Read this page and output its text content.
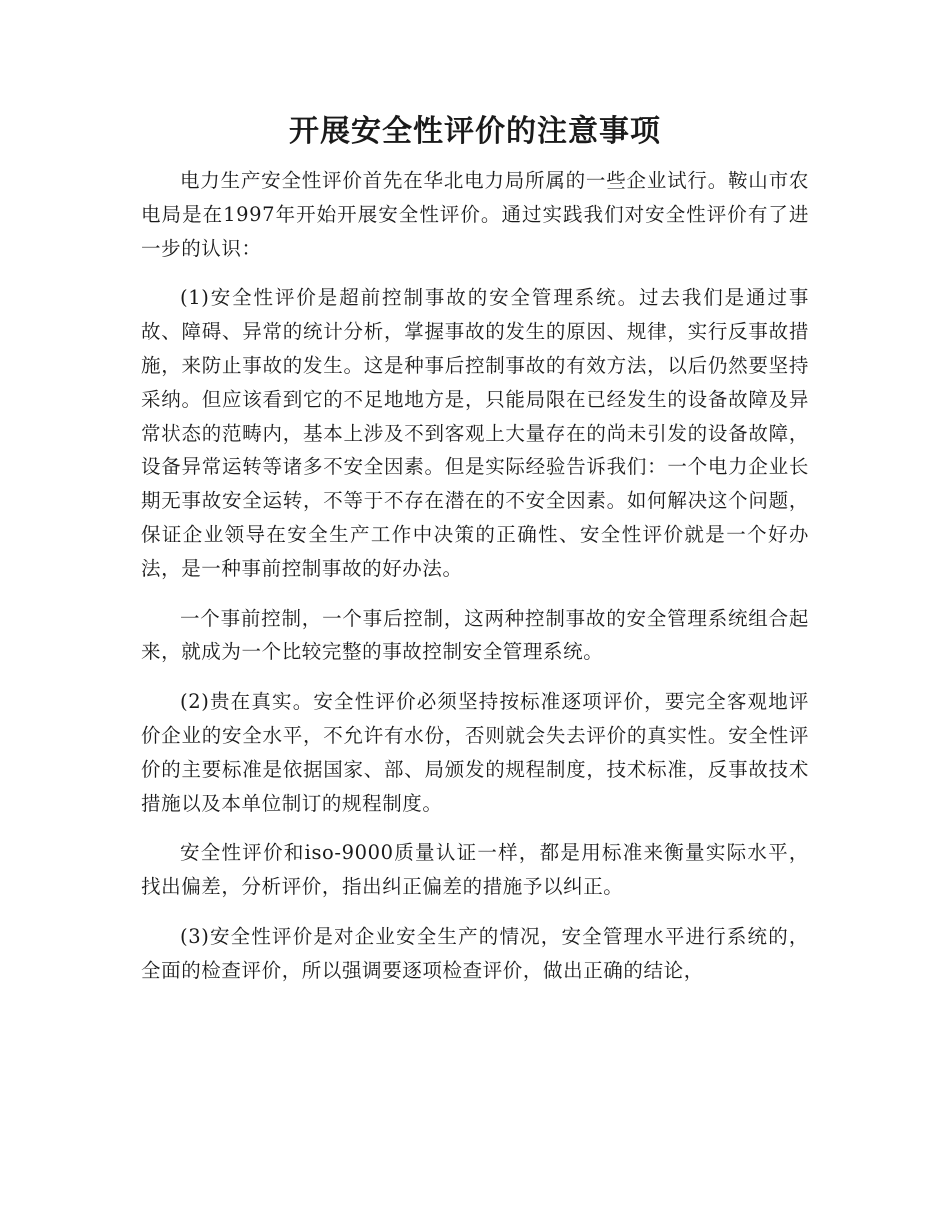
开展安全性评价的注意事项

电力生产安全性评价首先在华北电力局所属的一些企业试行。鞍山市农电局是在1997年开始开展安全性评价。通过实践我们对安全性评价有了进一步的认识：

(1)安全性评价是超前控制事故的安全管理系统。过去我们是通过事故、障碍、异常的统计分析，掌握事故的发生的原因、规律，实行反事故措施，来防止事故的发生。这是种事后控制事故的有效方法，以后仍然要坚持采纳。但应该看到它的不足地地方是，只能局限在已经发生的设备故障及异常状态的范畴内，基本上涉及不到客观上大量存在的尚未引发的设备故障，设备异常运转等诸多不安全因素。但是实际经验告诉我们：一个电力企业长期无事故安全运转，不等于不存在潜在的不安全因素。如何解决这个问题，保证企业领导在安全生产工作中决策的正确性、安全性评价就是一个好办法，是一种事前控制事故的好办法。

一个事前控制，一个事后控制，这两种控制事故的安全管理系统组合起来，就成为一个比较完整的事故控制安全管理系统。

(2)贵在真实。安全性评价必须坚持按标准逐项评价，要完全客观地评价企业的安全水平，不允许有水份，否则就会失去评价的真实性。安全性评价的主要标准是依据国家、部、局颁发的规程制度，技术标准，反事故技术措施以及本单位制订的规程制度。

安全性评价和iso-9000质量认证一样，都是用标准来衡量实际水平，找出偏差，分析评价，指出纠正偏差的措施予以纠正。

(3)安全性评价是对企业安全生产的情况，安全管理水平进行系统的，全面的检查评价，所以强调要逐项检查评价，做出正确的结论，
